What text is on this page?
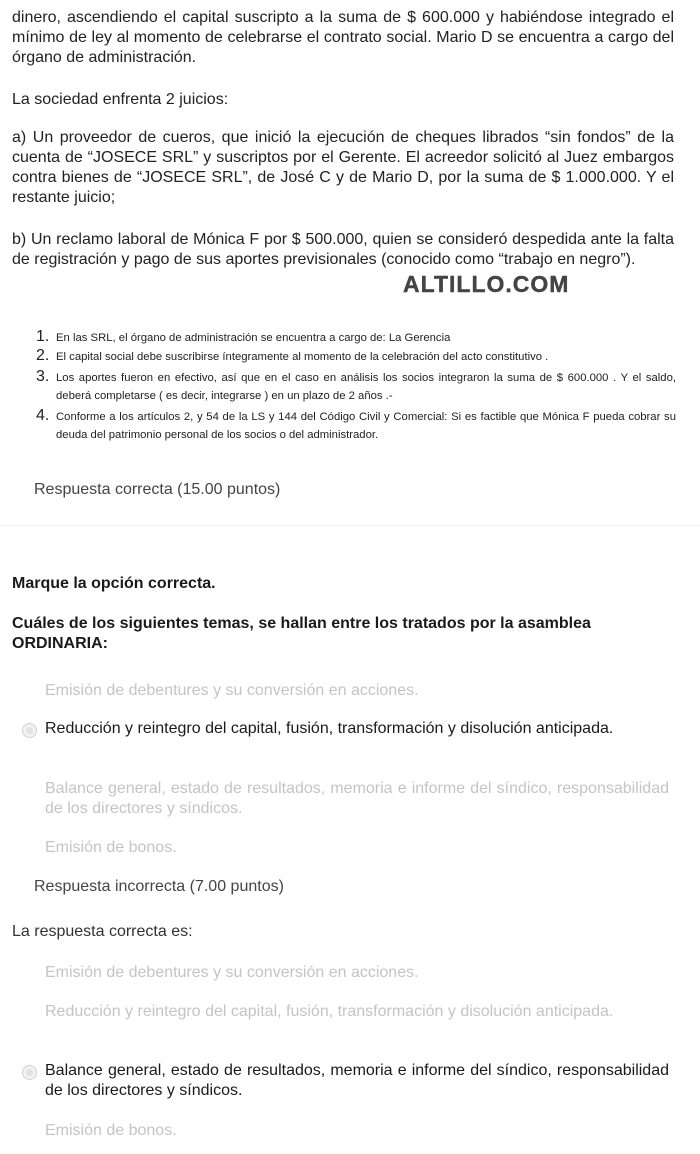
dinero, ascendiendo el capital suscripto a la suma de $ 600.000 y habiéndose integrado el mínimo de ley al momento de celebrarse el contrato social. Mario D se encuentra a cargo del órgano de administración.

La sociedad enfrenta 2 juicios:

a) Un proveedor de cueros, que inició la ejecución de cheques librados “sin fondos” de la cuenta de “JOSECE SRL” y suscriptos por el Gerente. El acreedor solicitó al Juez embargos contra bienes de “JOSECE SRL”, de José C y de Mario D, por la suma de $ 1.000.000. Y el restante juicio;

b) Un reclamo laboral de Mónica F por $ 500.000, quien se consideró despedida ante la falta de registración y pago de sus aportes previsionales (conocido como “trabajo en negro”).

ALTILLO.COM
1. En las SRL, el órgano de administración se encuentra a cargo de: La Gerencia
2. El capital social debe suscribirse íntegramente al momento de la celebración del acto constitutivo .
3. Los aportes fueron en efectivo, así que en el caso en análisis los socios integraron la suma de $ 600.000 . Y el saldo, deberá completarse ( es decir, integrarse ) en un plazo de 2 años .-
4. Conforme a los artículos 2, y 54 de la LS y 144 del Código Civil y Comercial: Si es factible que Mónica F pueda cobrar su deuda del patrimonio personal de los socios o del administrador.
Respuesta correcta (15.00 puntos)

Marque la opción correcta.

Cuáles de los siguientes temas, se hallan entre los tratados por la asamblea ORDINARIA:

Emisión de debentures y su conversión en acciones.
Reducción y reintegro del capital, fusión, transformación y disolución anticipada.
Balance general, estado de resultados, memoria e informe del síndico, responsabilidad de los directores y síndicos.
Emisión de bonos.
Respuesta incorrecta (7.00 puntos)
La respuesta correcta es:
Emisión de debentures y su conversión en acciones.
Reducción y reintegro del capital, fusión, transformación y disolución anticipada.
Balance general, estado de resultados, memoria e informe del síndico, responsabilidad de los directores y síndicos.
Emisión de bonos.
